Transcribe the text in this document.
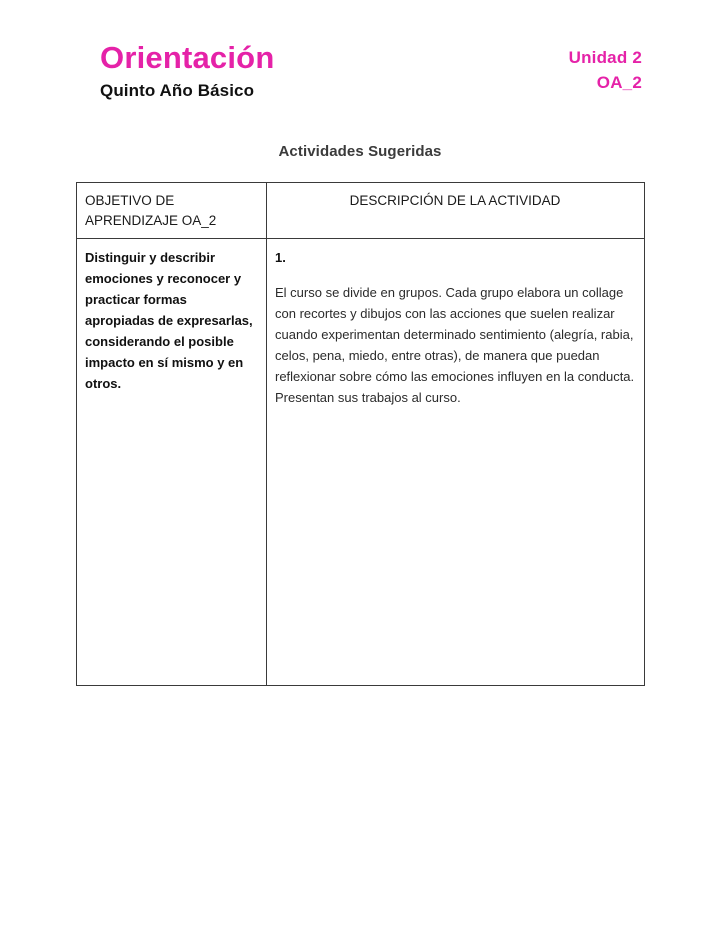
Orientación
Quinto Año Básico
Unidad 2
OA_2
Actividades Sugeridas
OBJETIVO DE APRENDIZAJE OA_2	DESCRIPCIÓN DE LA ACTIVIDAD
Distinguir y describir emociones y reconocer y practicar formas apropiadas de expresarlas, considerando el posible impacto en sí mismo y en otros.	1.

El curso se divide en grupos. Cada grupo elabora un collage con recortes y dibujos con las acciones que suelen realizar cuando experimentan determinado sentimiento (alegría, rabia, celos, pena, miedo, entre otras), de manera que puedan reflexionar sobre cómo las emociones influyen en la conducta. Presentan sus trabajos al curso.
